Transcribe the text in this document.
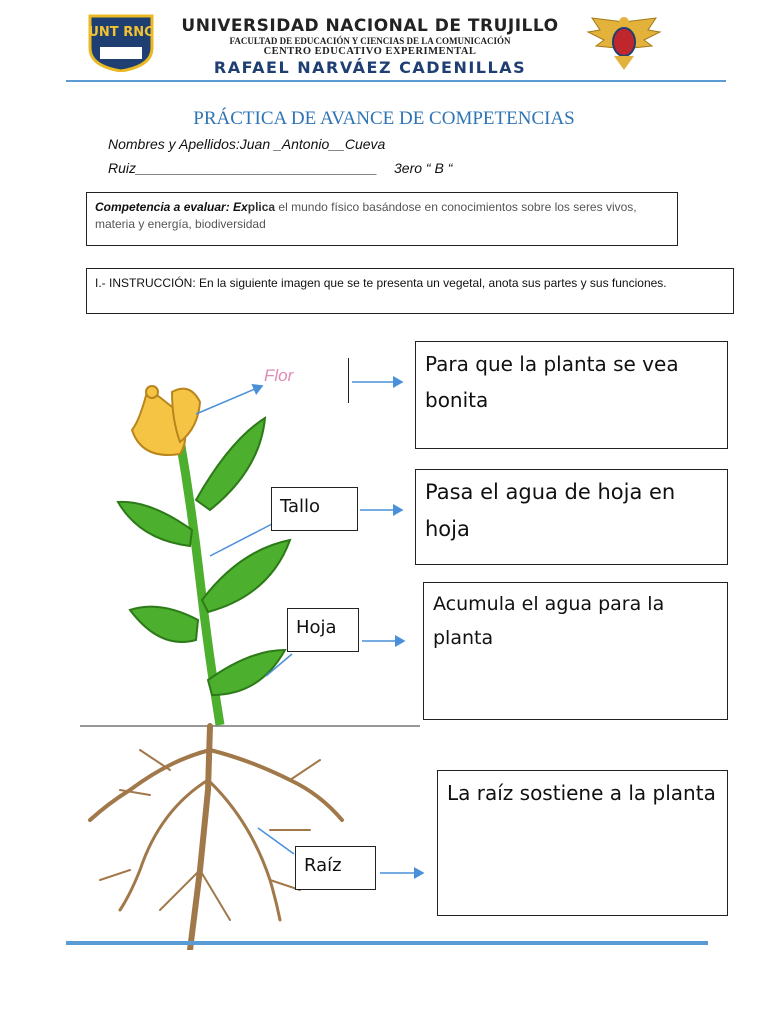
UNT RNC	UNIVERSIDAD NACIONAL DE TRUJILLO
FACULTAD DE EDUCACIÓN Y CIENCIAS DE LA COMUNICACIÓN
CENTRO EDUCATIVO EXPERIMENTAL
RAFAEL NARVÁEZ CADENILLAS
PRÁCTICA DE AVANCE DE COMPETENCIAS
Nombres y Apellidos:Juan _Antonio__Cueva
Ruiz_______________________________ 3ero “ B “
Competencia a evaluar: Explica el mundo físico basándose en conocimientos sobre los seres vivos, materia y energía, biodiversidad
I.- INSTRUCCIÓN: En la siguiente imagen que se te presenta un vegetal, anota sus partes y sus funciones.
Flor
Tallo
Hoja
Raíz
Para que la planta se vea bonita
Pasa el agua de hoja en hoja
Acumula el agua para la planta
La raíz sostiene a la planta
